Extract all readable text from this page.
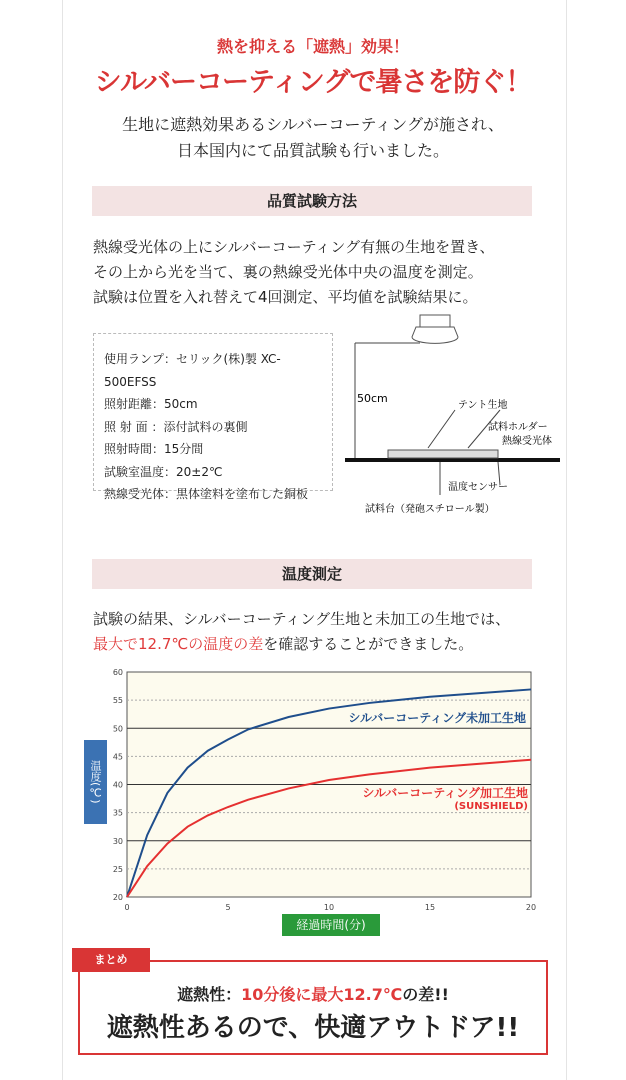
熱を抑える「遮熱」効果！
シルバーコーティングで暑さを防ぐ！
生地に遮熱効果あるシルバーコーティングが施され、
日本国内にて品質試験も行いました。
品質試験方法
熱線受光体の上にシルバーコーティング有無の生地を置き、
その上から光を当て、裏の熱線受光体中央の温度を測定。
試験は位置を入れ替えて4回測定、平均値を試験結果に。
使用ランプ：セリック(株)製 XC-500EFSS
照射距離：50cm
照 射 面 ：添付試料の裏側
照射時間：15分間
試験室温度：20±2℃
熱線受光体：黒体塗料を塗布した銅板
50cm
テント生地
試料ホルダー
熱線受光体
温度センサー
試料台（発砲スチロール製）
温度測定
試験の結果、シルバーコーティング生地と未加工の生地では、
最大で12.7℃の温度の差を確認することができました。
20
25
30
35
40
45
50
55
60
0	5	10	15	20
温度(℃)
経過時間(分)
シルバーコーティング未加工生地
シルバーコーティング加工生地
(SUNSHIELD)
遮熱性：10分後に最大12.7℃の差!!
遮熱性あるので、快適アウトドア!!
まとめ
